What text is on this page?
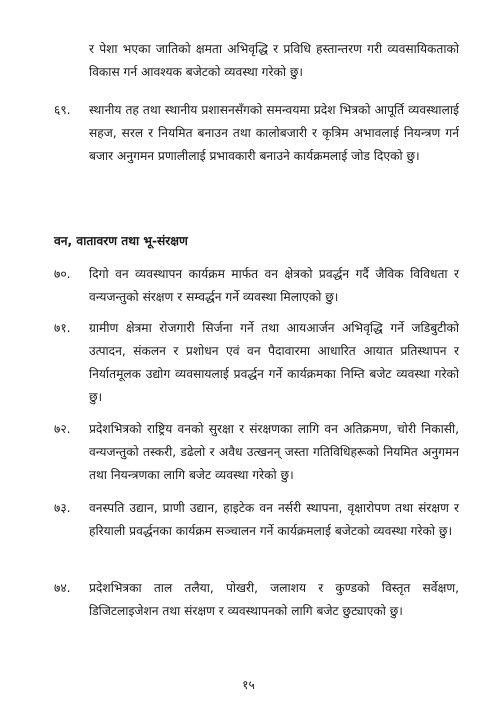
र पेशा भएका जातिको क्षमता अभिवृद्धि र प्रविधि हस्तान्तरण गरी व्यवसायिकताको विकास गर्न आवश्यक बजेटको व्यवस्था गरेको छु।
६९. स्थानीय तह तथा स्थानीय प्रशासनसँगको समन्वयमा प्रदेश भित्रको आपूर्ति व्यवस्थालाई सहज, सरल र नियमित बनाउन तथा कालोबजारी र कृत्रिम अभावलाई नियन्त्रण गर्न बजार अनुगमन प्रणालीलाई प्रभावकारी बनाउने कार्यक्रमलाई जोड दिएको छु।
वन, वातावरण तथा भू-संरक्षण
७०. दिगो वन व्यवस्थापन कार्यक्रम मार्फत वन क्षेत्रको प्रवर्द्धन गर्दै जैविक विविधता र वन्यजन्तुको संरक्षण र सम्वर्द्धन गर्ने व्यवस्था मिलाएको छु।
७१. ग्रामीण क्षेत्रमा रोजगारी सिर्जना गर्ने तथा आयआर्जन अभिवृद्धि गर्ने जडिबुटीको उत्पादन, संकलन र प्रशोधन एवं वन पैदावारमा आधारित आयात प्रतिस्थापन र निर्यातमूलक उद्योग व्यवसायलाई प्रवर्द्धन गर्ने कार्यक्रमका निम्ति बजेट व्यवस्था गरेको छु।
७२. प्रदेशभित्रको राष्ट्रिय वनको सुरक्षा र संरक्षणका लागि वन अतिक्रमण, चोरी निकासी, वन्यजन्तुको तस्करी, डढेलो र अवैध उत्खनन् जस्ता गतिविधिहरूको नियमित अनुगमन तथा नियन्त्रणका लागि बजेट व्यवस्था गरेको छु।
७३. वनस्पति उद्यान, प्राणी उद्यान, हाइटेक वन नर्सरी स्थापना, वृक्षारोपण तथा संरक्षण र हरियाली प्रवर्द्धनका कार्यक्रम सञ्चालन गर्ने कार्यक्रमलाई बजेटको व्यवस्था गरेको छु।
७४. प्रदेशभित्रका ताल तलैया, पोखरी, जलाशय र कुण्डको विस्तृत सर्वेक्षण, डिजिटलाइजेशन तथा संरक्षण र व्यवस्थापनको लागि बजेट छुट्याएको छु।
१५
